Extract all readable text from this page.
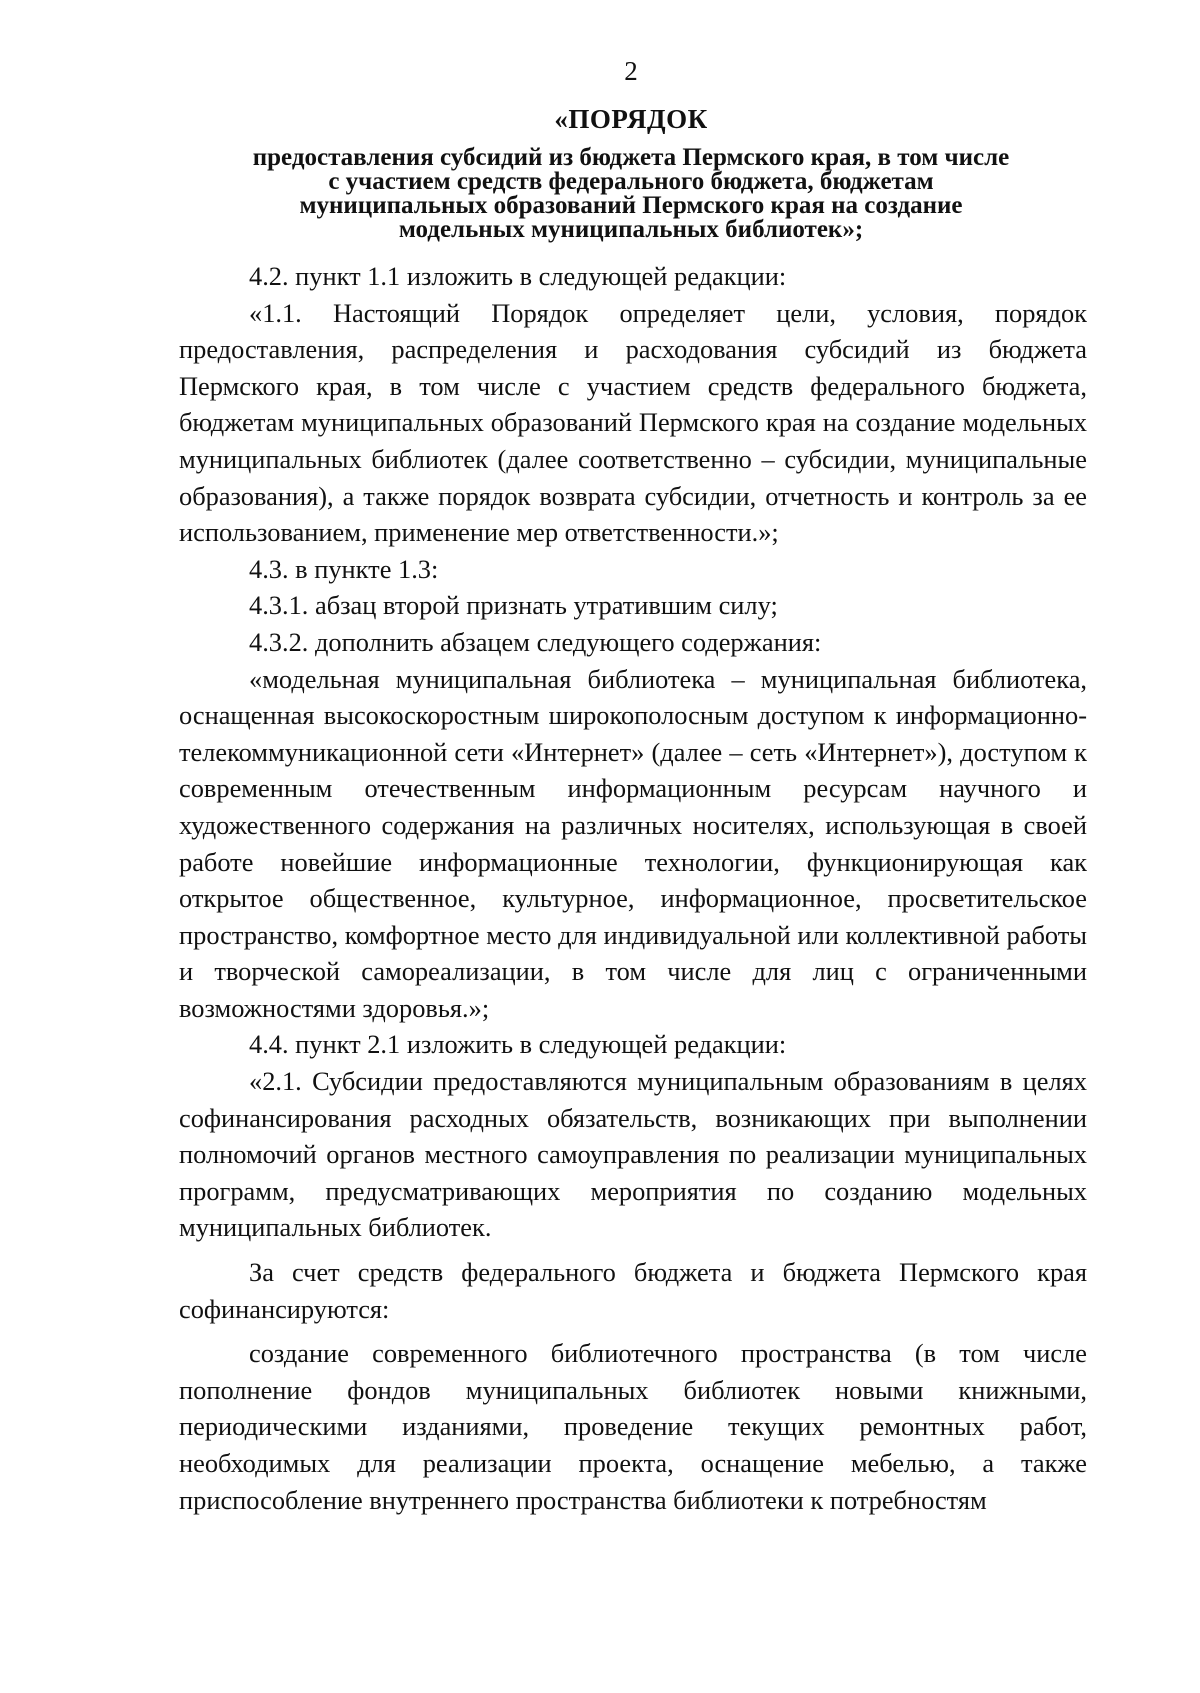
2
«ПОРЯДОК
предоставления субсидий из бюджета Пермского края, в том числе
с участием средств федерального бюджета, бюджетам
муниципальных образований Пермского края на создание
модельных муниципальных библиотек»;

4.2. пункт 1.1 изложить в следующей редакции:

«1.1. Настоящий Порядок определяет цели, условия, порядок предоставления, распределения и расходования субсидий из бюджета Пермского края, в том числе с участием средств федерального бюджета, бюджетам муниципальных образований Пермского края на создание модельных муниципальных библиотек (далее соответственно – субсидии, муниципальные образования), а также порядок возврата субсидии, отчетность и контроль за ее использованием, применение мер ответственности.»;

4.3. в пункте 1.3:

4.3.1. абзац второй признать утратившим силу;

4.3.2. дополнить абзацем следующего содержания:

«модельная муниципальная библиотека – муниципальная библиотека, оснащенная высокоскоростным широкополосным доступом к информационно-телекоммуникационной сети «Интернет» (далее – сеть «Интернет»), доступом к современным отечественным информационным ресурсам научного и художественного содержания на различных носителях, использующая в своей работе новейшие информационные технологии, функционирующая как открытое общественное, культурное, информационное, просветительское пространство, комфортное место для индивидуальной или коллективной работы и творческой самореализации, в том числе для лиц с ограниченными возможностями здоровья.»;

4.4. пункт 2.1 изложить в следующей редакции:

«2.1. Субсидии предоставляются муниципальным образованиям в целях софинансирования расходных обязательств, возникающих при выполнении полномочий органов местного самоуправления по реализации муниципальных программ, предусматривающих мероприятия по созданию модельных муниципальных библиотек.

За счет средств федерального бюджета и бюджета Пермского края софинансируются:

создание современного библиотечного пространства (в том числе пополнение фондов муниципальных библиотек новыми книжными, периодическими изданиями, проведение текущих ремонтных работ, необходимых для реализации проекта, оснащение мебелью, а также приспособление внутреннего пространства библиотеки к потребностям
